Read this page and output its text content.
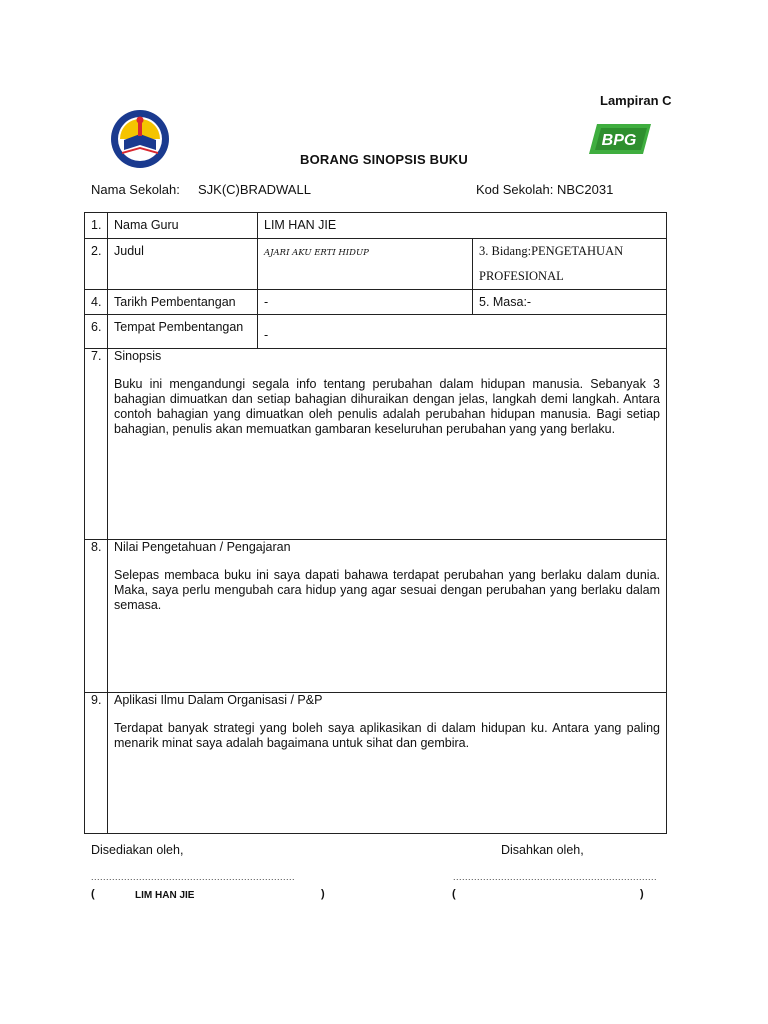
BPG
Lampiran C
BORANG SINOPSIS BUKU
Nama Sekolah: SJK(C)BRADWALL	Kod Sekolah: NBC2031
1.	Nama Guru	LIM HAN JIE	
2.	Judul	AJARI AKU ERTI HIDUP	3. Bidang:PENGETAHUAN PROFESIONAL
4.	Tarikh Pembentangan	-	5. Masa:-
6.	Tempat Pembentangan	-	
7.	Sinopsis
Buku ini mengandungi segala info tentang perubahan dalam hidupan manusia. Sebanyak 3 bahagian dimuatkan dan setiap bahagian dihuraikan dengan jelas, langkah demi langkah. Antara contoh bahagian yang dimuatkan oleh penulis adalah perubahan hidupan manusia. Bagi setiap bahagian, penulis akan memuatkan gambaran keseluruhan perubahan yang yang berlaku.		

8.	Nilai Pengetahuan / Pengajaran
Selepas membaca buku ini saya dapati bahawa terdapat perubahan yang berlaku dalam dunia. Maka, saya perlu mengubah cara hidup yang agar sesuai dengan perubahan yang berlaku dalam semasa.		

9.	Aplikasi Ilmu Dalam Organisasi / P&P
Terdapat banyak strategi yang boleh saya aplikasikan di dalam hidupan ku. Antara yang paling menarik minat saya adalah bagaimana untuk sihat dan gembira.		
Disediakan oleh,	Disahkan oleh,
....................................................................	....................................................................
(	LIM HAN JIE	)	(	)
